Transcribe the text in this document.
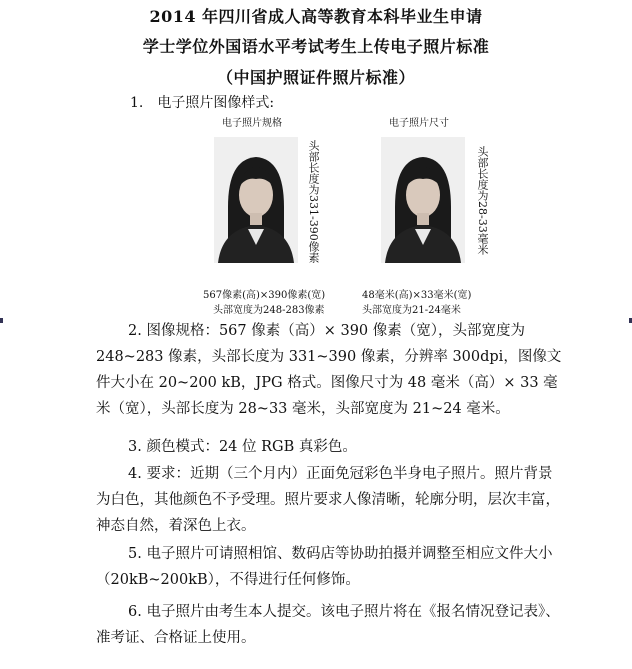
2014 年四川省成人高等教育本科毕业生申请
学士学位外国语水平考试考生上传电子照片标准
（中国护照证件照片标准）
1.　电子照片图像样式:
电子照片规格
头部长度为331-390像素
567像素(高)×390像素(宽)
头部宽度为248-283像素
电子照片尺寸
头部长度为28-33毫米
48毫米(高)×33毫米(宽)
头部宽度为21-24毫米
2. 图像规格：567 像素（高）× 390 像素（宽），头部宽度为 248~283 像素，头部长度为 331~390 像素，分辨率 300dpi，图像文件大小在 20~200 kB，JPG 格式。图像尺寸为 48 毫米（高）× 33 毫米（宽），头部长度为 28~33 毫米，头部宽度为 21~24 毫米。
3. 颜色模式：24 位 RGB 真彩色。
4. 要求：近期（三个月内）正面免冠彩色半身电子照片。照片背景为白色，其他颜色不予受理。照片要求人像清晰，轮廓分明，层次丰富，神态自然，着深色上衣。
5. 电子照片可请照相馆、数码店等协助拍摄并调整至相应文件大小（20kB~200kB），不得进行任何修饰。
6. 电子照片由考生本人提交。该电子照片将在《报名情况登记表》、准考证、合格证上使用。
